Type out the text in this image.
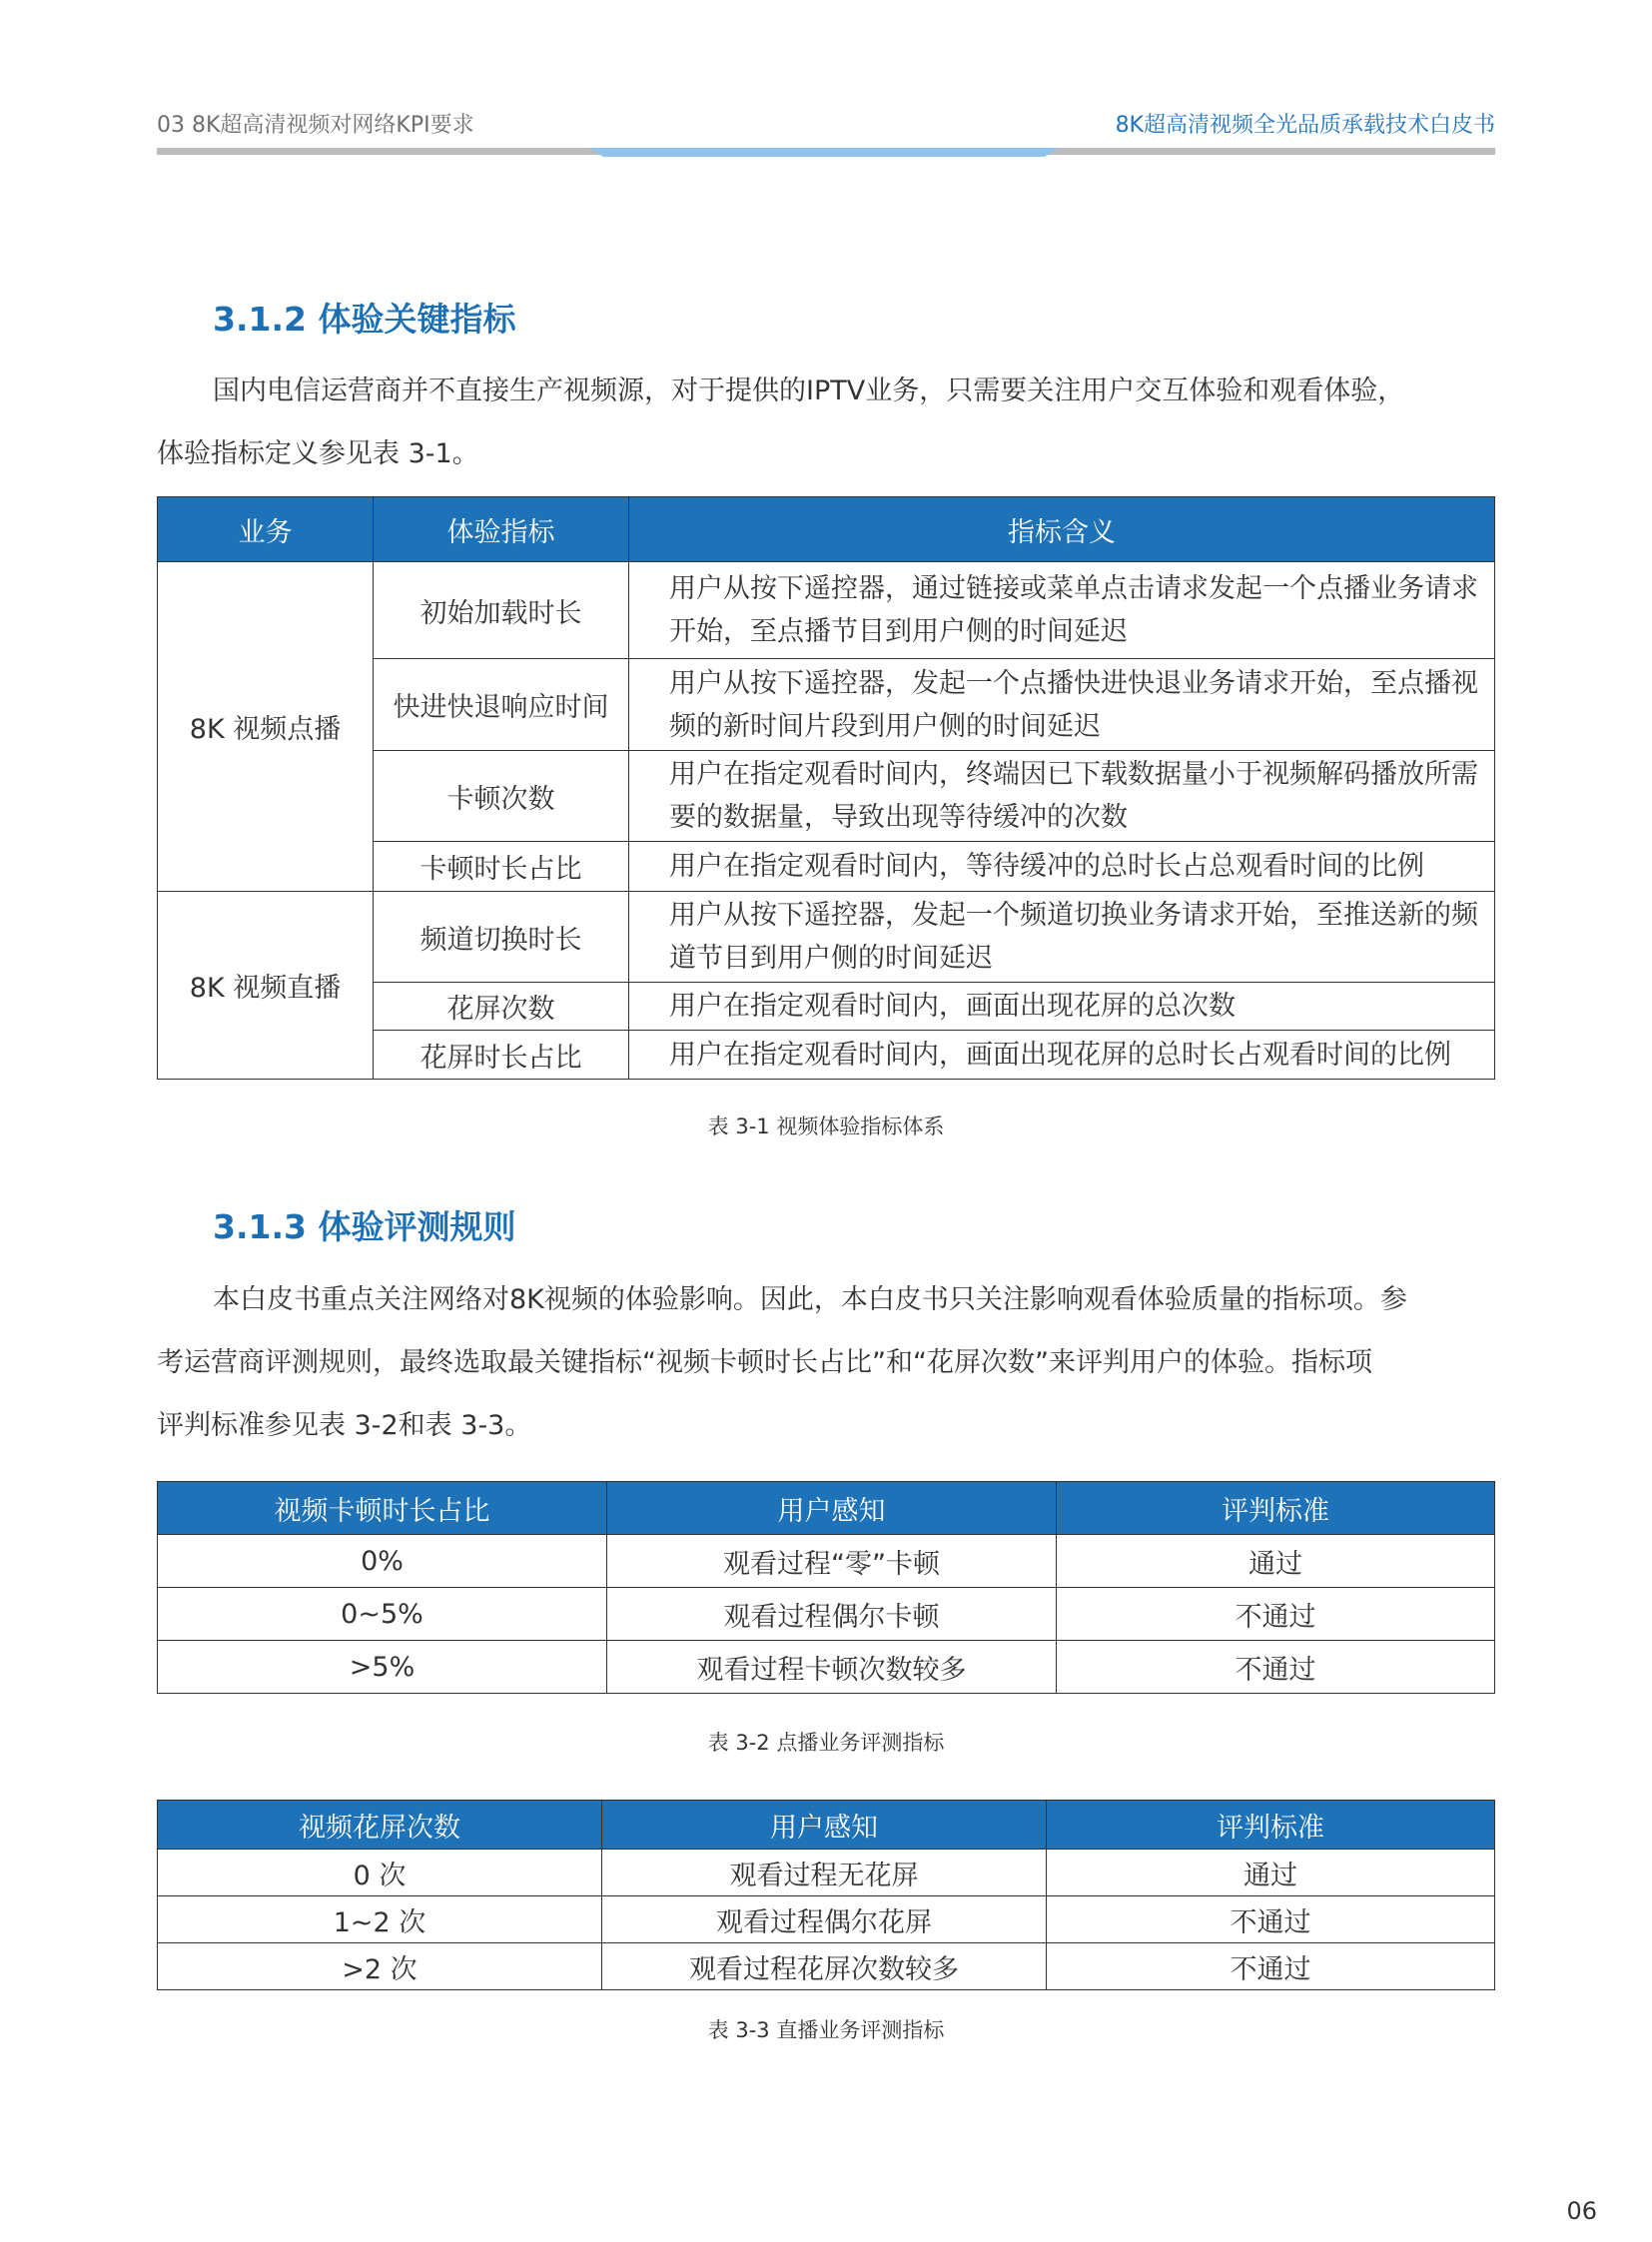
03 8K超高清视频对网络KPI要求	8K超高清视频全光品质承载技术白皮书
3.1.2 体验关键指标

国内电信运营商并不直接生产视频源，对于提供的IPTV业务，只需要关注用户交互体验和观看体验，

体验指标定义参见表 3-1。

业务	体验指标	指标含义
8K 视频点播	初始加载时长	用户从按下遥控器，通过链接或菜单点击请求发起一个点播业务请求开始，至点播节目到用户侧的时间延迟
	快进快退响应时间	用户从按下遥控器，发起一个点播快进快退业务请求开始，至点播视频的新时间片段到用户侧的时间延迟
	卡顿次数	用户在指定观看时间内，终端因已下载数据量小于视频解码播放所需要的数据量，导致出现等待缓冲的次数
	卡顿时长占比	用户在指定观看时间内，等待缓冲的总时长占总观看时间的比例
8K 视频直播	频道切换时长	用户从按下遥控器，发起一个频道切换业务请求开始，至推送新的频道节目到用户侧的时间延迟
	花屏次数	用户在指定观看时间内，画面出现花屏的总次数
	花屏时长占比	用户在指定观看时间内，画面出现花屏的总时长占观看时间的比例
表 3-1 视频体验指标体系
3.1.3 体验评测规则

本白皮书重点关注网络对8K视频的体验影响。因此，本白皮书只关注影响观看体验质量的指标项。参

考运营商评测规则，最终选取最关键指标“视频卡顿时长占比”和“花屏次数”来评判用户的体验。指标项

评判标准参见表 3-2和表 3-3。

视频卡顿时长占比	用户感知	评判标准
0%	观看过程“零”卡顿	通过
0~5%	观看过程偶尔卡顿	不通过
>5%	观看过程卡顿次数较多	不通过
表 3-2 点播业务评测指标
视频花屏次数	用户感知	评判标准
0 次	观看过程无花屏	通过
1~2 次	观看过程偶尔花屏	不通过
>2 次	观看过程花屏次数较多	不通过
表 3-3 直播业务评测指标
06
